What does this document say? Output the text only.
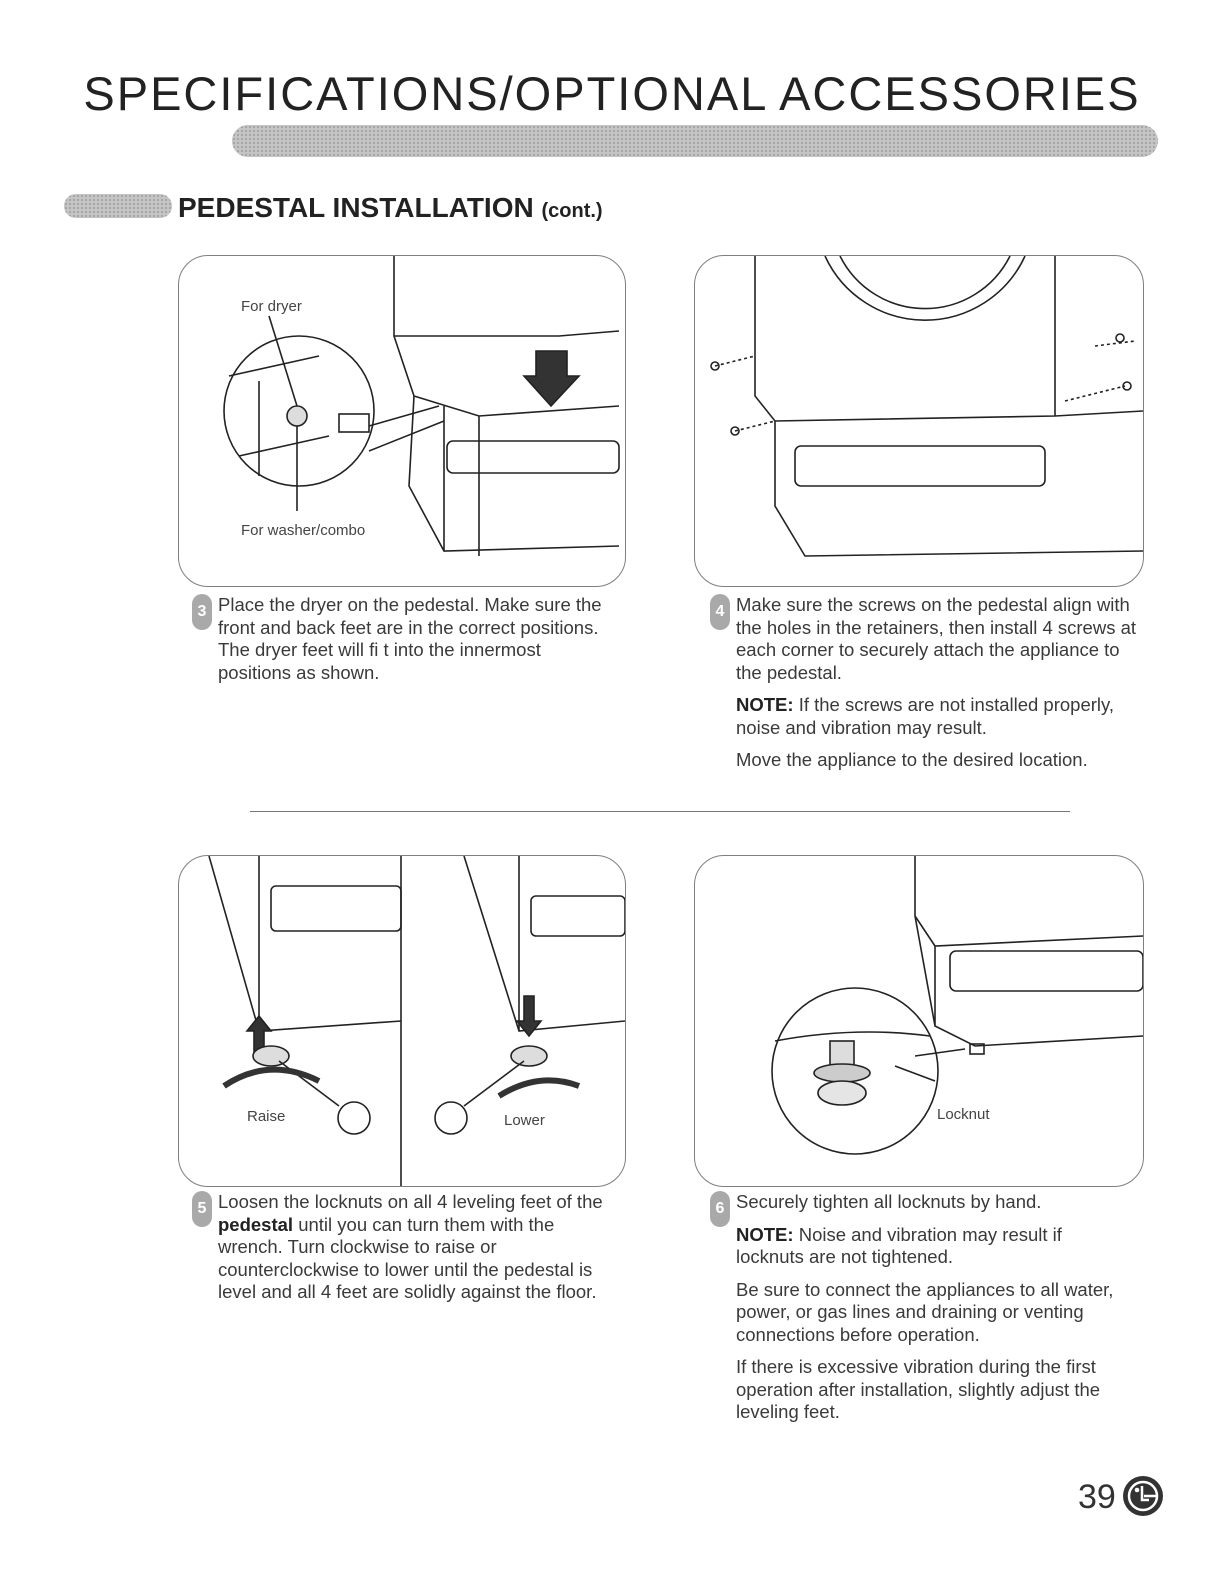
SPECIFICATIONS/OPTIONAL ACCESSORIES
PEDESTAL INSTALLATION (cont.)
For dryer
For washer/combo
3 Place the dryer on the pedestal. Make sure the front and back feet are in the correct positions. The dryer feet will fi t into the innermost positions as shown.

4 Make sure the screws on the pedestal align with the holes in the retainers, then install 4 screws at each corner to securely attach the appliance to the pedestal.

NOTE: If the screws are not installed properly, noise and vibration may result.

Move the appliance to the desired location.

Raise	Lower	Locknut
5 Loosen the locknuts on all 4 leveling feet of the pedestal until you can turn them with the wrench. Turn clockwise to raise or counterclockwise to lower until the pedestal is level and all 4 feet are solidly against the floor.

6 Securely tighten all locknuts by hand.

NOTE: Noise and vibration may result if locknuts are not tightened.

Be sure to connect the appliances to all water, power, or gas lines and draining or venting connections before operation.

If there is excessive vibration during the first operation after installation, slightly adjust the leveling feet.

39
